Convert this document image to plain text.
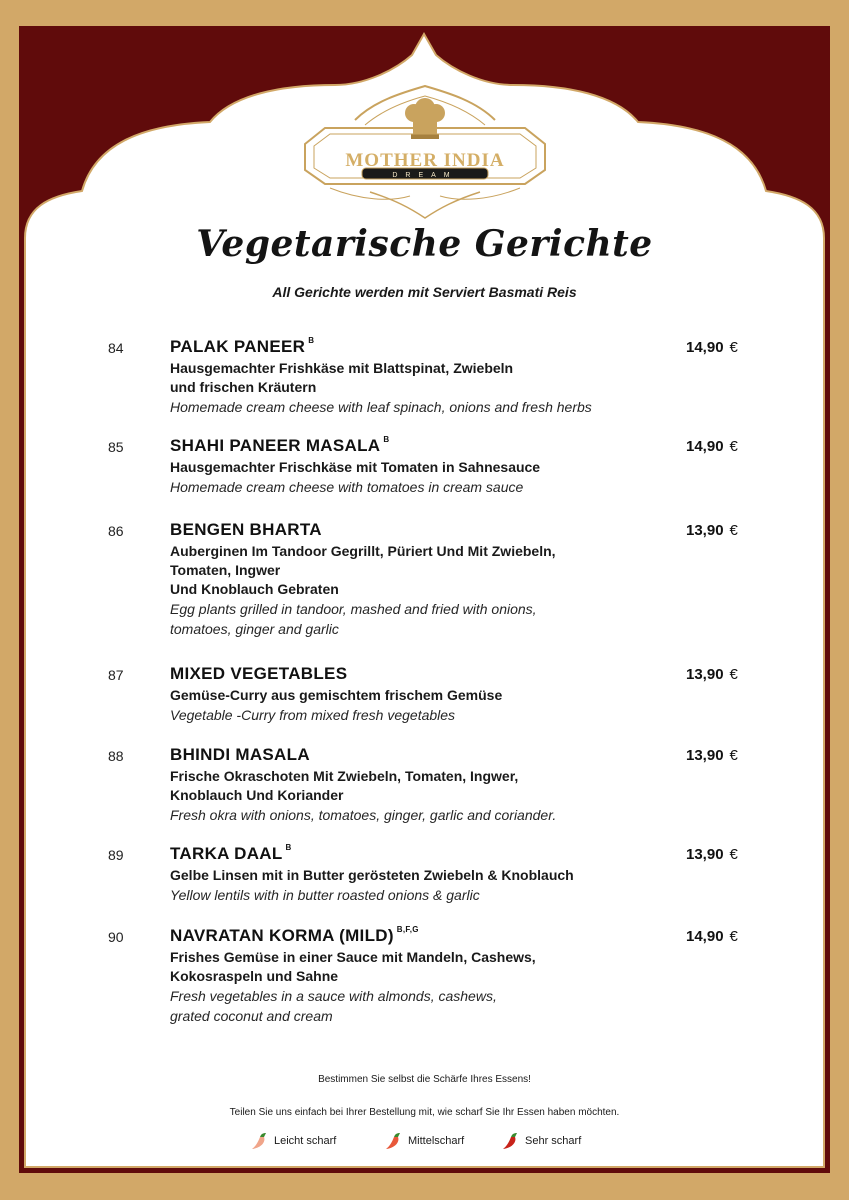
MOTHER INDIA
DREAM
Vegetarische Gerichte
All Gerichte werden mit Serviert Basmati Reis
84	PALAK PANEER $^B$	14,90 €

Hausgemachter Frishkäse mit Blattspinat, Zwiebeln

und frischen Kräutern

Homemade cream cheese with leaf spinach, onions and fresh herbs

85	SHAHI PANEER MASALA $^B$	14,90 €

Hausgemachter Frischkäse mit Tomaten in Sahnesauce

Homemade cream cheese with tomatoes in cream sauce

86	BENGEN BHARTA	13,90 €

Auberginen Im Tandoor Gegrillt, Püriert Und Mit Zwiebeln,

Tomaten, Ingwer

Und Knoblauch Gebraten

Egg plants grilled in tandoor, mashed and fried with onions,

tomatoes, ginger and garlic

87	MIXED VEGETABLES	13,90 €

Gemüse-Curry aus gemischtem frischem Gemüse

Vegetable -Curry from mixed fresh vegetables

88	BHINDI MASALA	13,90 €

Frische Okraschoten Mit Zwiebeln, Tomaten, Ingwer,

Knoblauch Und Koriander

Fresh okra with onions, tomatoes, ginger, garlic and coriander.

89	TARKA DAAL $^B$	13,90 €

Gelbe Linsen mit in Butter gerösteten Zwiebeln & Knoblauch

Yellow lentils with in butter roasted onions & garlic

90	NAVRATAN KORMA (MILD) $^{B,F,G}$	14,90 €

Frishes Gemüse in einer Sauce mit Mandeln, Cashews,

Kokosraspeln und Sahne

Fresh vegetables in a sauce with almonds, cashews,

grated coconut and cream

Bestimmen Sie selbst die Schärfe Ihres Essens!
Teilen Sie uns einfach bei Ihrer Bestellung mit, wie scharf Sie Ihr Essen haben möchten.
Leicht scharf	Mittelscharf	Sehr scharf
